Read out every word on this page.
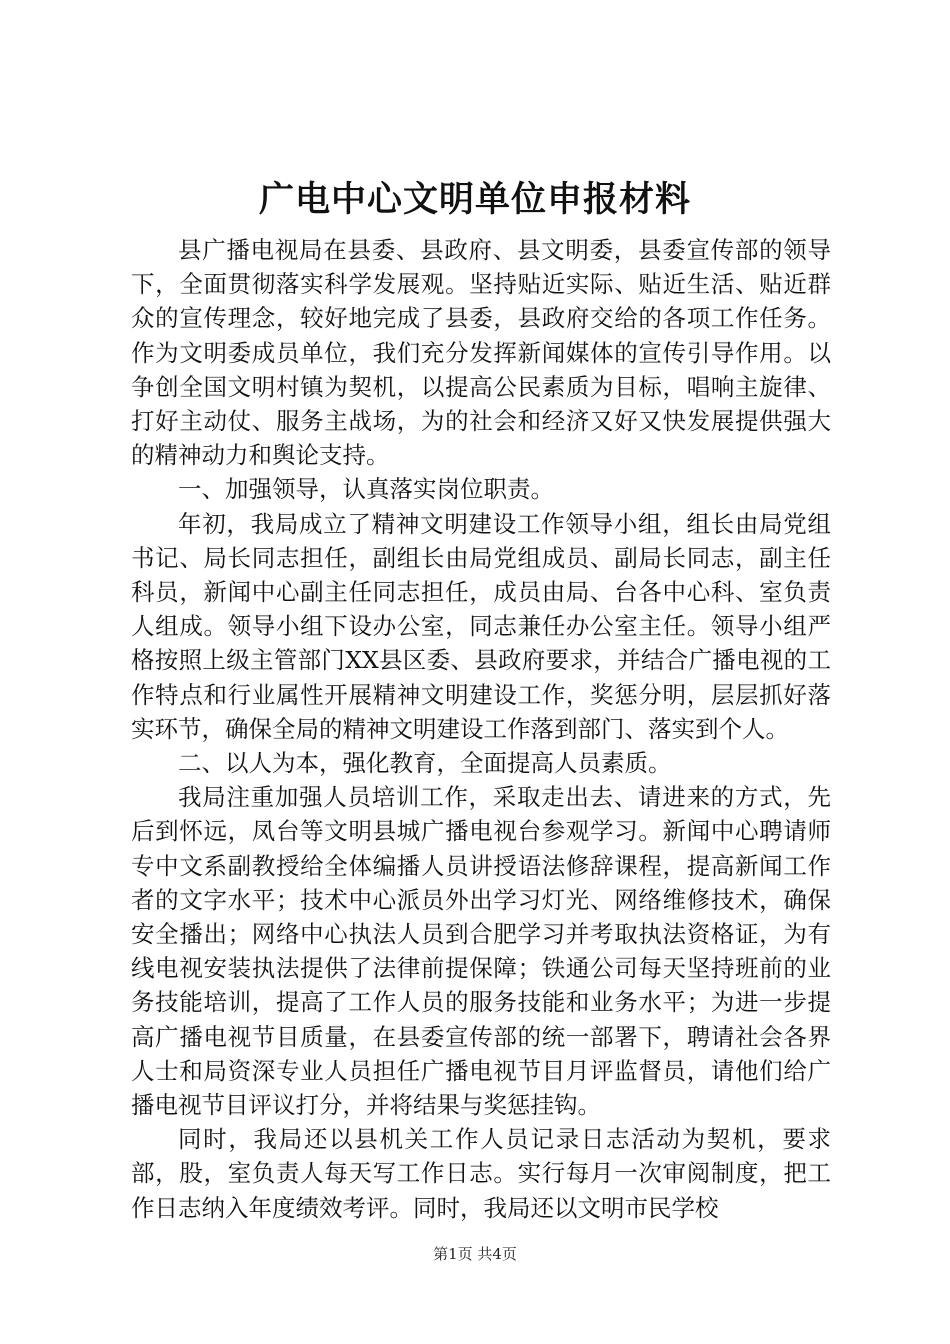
广电中心文明单位申报材料

县广播电视局在县委、县政府、县文明委，县委宣传部的领导下，全面贯彻落实科学发展观。坚持贴近实际、贴近生活、贴近群众的宣传理念，较好地完成了县委，县政府交给的各项工作任务。作为文明委成员单位，我们充分发挥新闻媒体的宣传引导作用。以争创全国文明村镇为契机，以提高公民素质为目标，唱响主旋律、打好主动仗、服务主战场，为的社会和经济又好又快发展提供强大的精神动力和舆论支持。

一、加强领导，认真落实岗位职责。

年初，我局成立了精神文明建设工作领导小组，组长由局党组书记、局长同志担任，副组长由局党组成员、副局长同志，副主任科员，新闻中心副主任同志担任，成员由局、台各中心科、室负责人组成。领导小组下设办公室，同志兼任办公室主任。领导小组严格按照上级主管部门XX县区委、县政府要求，并结合广播电视的工作特点和行业属性开展精神文明建设工作，奖惩分明，层层抓好落实环节，确保全局的精神文明建设工作落到部门、落实到个人。

二、以人为本，强化教育，全面提高人员素质。

我局注重加强人员培训工作，采取走出去、请进来的方式，先后到怀远，凤台等文明县城广播电视台参观学习。新闻中心聘请师专中文系副教授给全体编播人员讲授语法修辞课程，提高新闻工作者的文字水平；技术中心派员外出学习灯光、网络维修技术，确保安全播出；网络中心执法人员到合肥学习并考取执法资格证，为有线电视安装执法提供了法律前提保障；铁通公司每天坚持班前的业务技能培训，提高了工作人员的服务技能和业务水平；为进一步提高广播电视节目质量，在县委宣传部的统一部署下，聘请社会各界人士和局资深专业人员担任广播电视节目月评监督员，请他们给广播电视节目评议打分，并将结果与奖惩挂钩。

同时，我局还以县机关工作人员记录日志活动为契机，要求部，股，室负责人每天写工作日志。实行每月一次审阅制度，把工作日志纳入年度绩效考评。同时，我局还以文明市民学校

第1页 共4页
